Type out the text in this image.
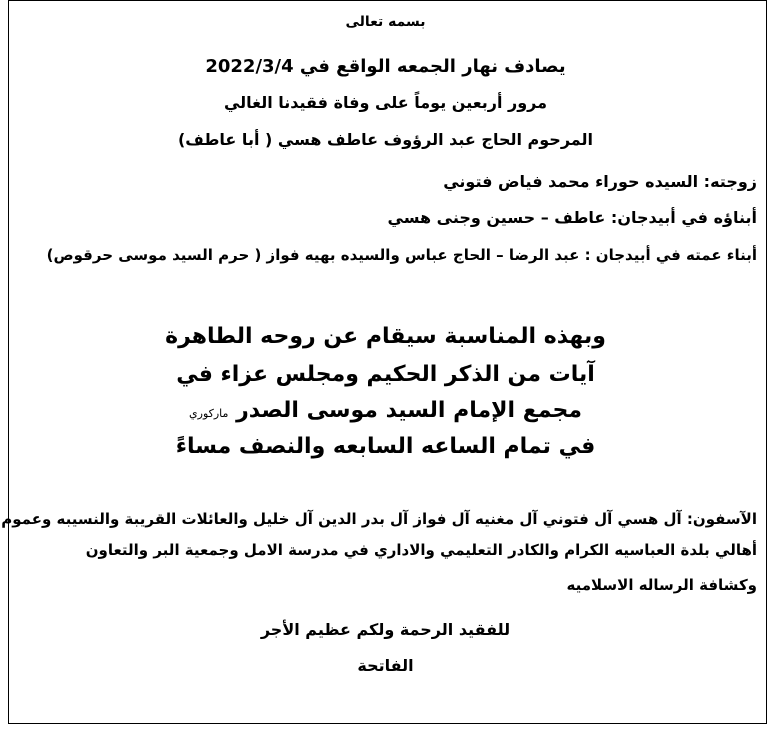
بسمه تعالى
يصادف نهار الجمعه الواقع في 2022/3/4
مرور أربعين يوماً على وفاة فقيدنا الغالي
المرحوم الحاج عبد الرؤوف عاطف هسي ( أبا عاطف)
زوجته: السيده حوراء محمد فياض فتوني
أبناؤه في أبيدجان: عاطف – حسين وجنى هسي
أبناء عمته في أبيدجان : عبد الرضا – الحاج عباس والسيده بهيه فواز ( حرم السيد موسى حرقوص)
وبهذه المناسبة سيقام عن روحه الطاهرة
آيات من الذكر الحكيم ومجلس عزاء في
مجمع الإمام السيد موسى الصدر ماركوري
في تمام الساعه السابعه والنصف مساءً
الآسفون: آل هسي آل فتوني آل مغنيه آل فواز آل بدر الدين آل خليل والعائلات القريبة والنسيبه وعموم
أهالي بلدة العباسيه الكرام والكادر التعليمي والاداري في مدرسة الامل وجمعية البر والتعاون
وكشافة الرساله الاسلاميه
للفقيد الرحمة ولكم عظيم الأجر
الفاتحة
